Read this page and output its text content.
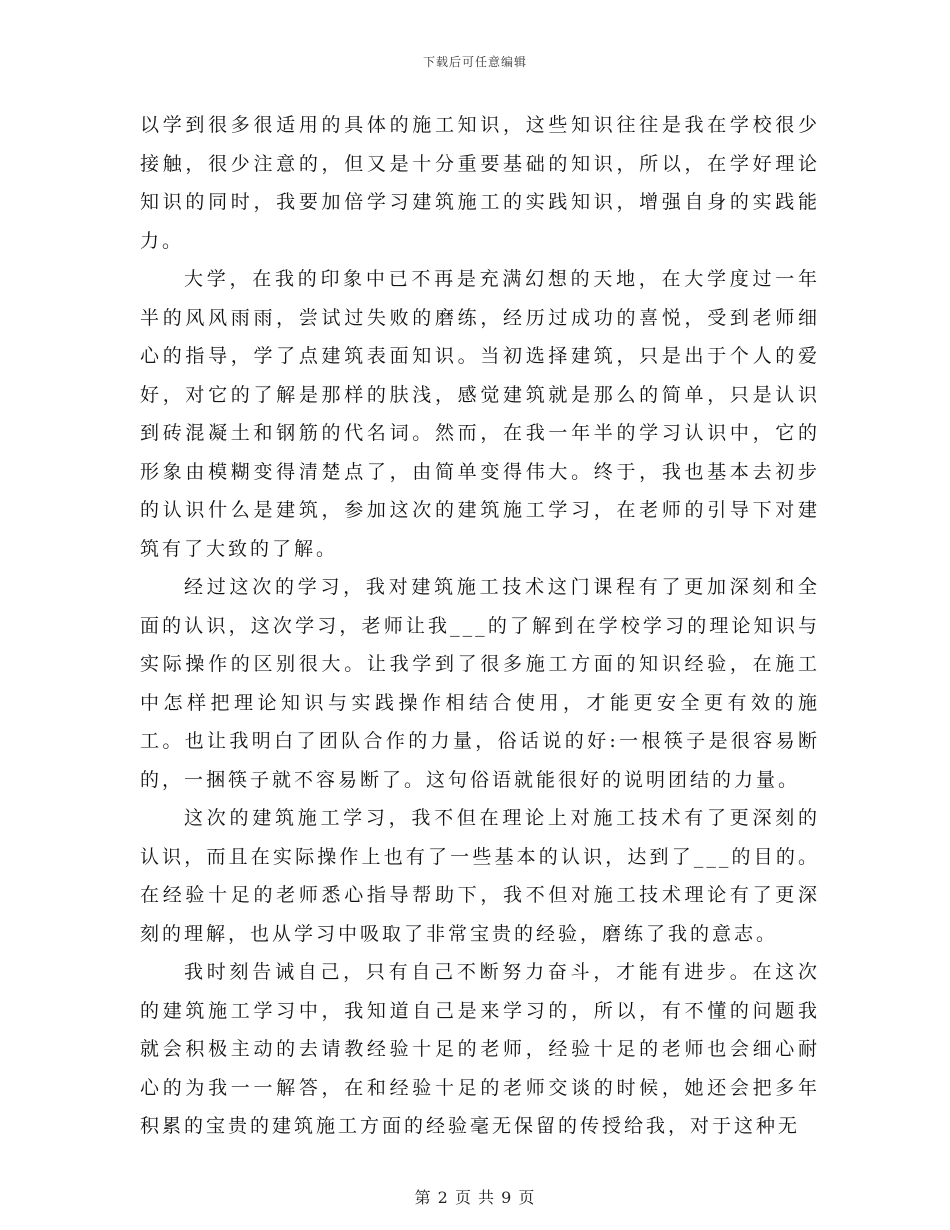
下载后可任意编辑

以学到很多很适用的具体的施工知识，这些知识往往是我在学校很少接触，很少注意的，但又是十分重要基础的知识，所以，在学好理论知识的同时，我要加倍学习建筑施工的实践知识，增强自身的实践能力。

大学，在我的印象中已不再是充满幻想的天地，在大学度过一年半的风风雨雨，尝试过失败的磨练，经历过成功的喜悦，受到老师细心的指导，学了点建筑表面知识。当初选择建筑，只是出于个人的爱好，对它的了解是那样的肤浅，感觉建筑就是那么的简单，只是认识到砖混凝土和钢筋的代名词。然而，在我一年半的学习认识中，它的形象由模糊变得清楚点了，由简单变得伟大。终于，我也基本去初步的认识什么是建筑，参加这次的建筑施工学习，在老师的引导下对建筑有了大致的了解。

经过这次的学习，我对建筑施工技术这门课程有了更加深刻和全面的认识，这次学习，老师让我___的了解到在学校学习的理论知识与实际操作的区别很大。让我学到了很多施工方面的知识经验，在施工中怎样把理论知识与实践操作相结合使用，才能更安全更有效的施工。也让我明白了团队合作的力量，俗话说的好:一根筷子是很容易断的，一捆筷子就不容易断了。这句俗语就能很好的说明团结的力量。

这次的建筑施工学习，我不但在理论上对施工技术有了更深刻的认识，而且在实际操作上也有了一些基本的认识，达到了___的目的。在经验十足的老师悉心指导帮助下，我不但对施工技术理论有了更深刻的理解，也从学习中吸取了非常宝贵的经验，磨练了我的意志。

我时刻告诫自己，只有自己不断努力奋斗，才能有进步。在这次的建筑施工学习中，我知道自己是来学习的，所以，有不懂的问题我就会积极主动的去请教经验十足的老师，经验十足的老师也会细心耐心的为我一一解答，在和经验十足的老师交谈的时候，她还会把多年积累的宝贵的建筑施工方面的经验毫无保留的传授给我，对于这种无

第 2 页 共 9 页
